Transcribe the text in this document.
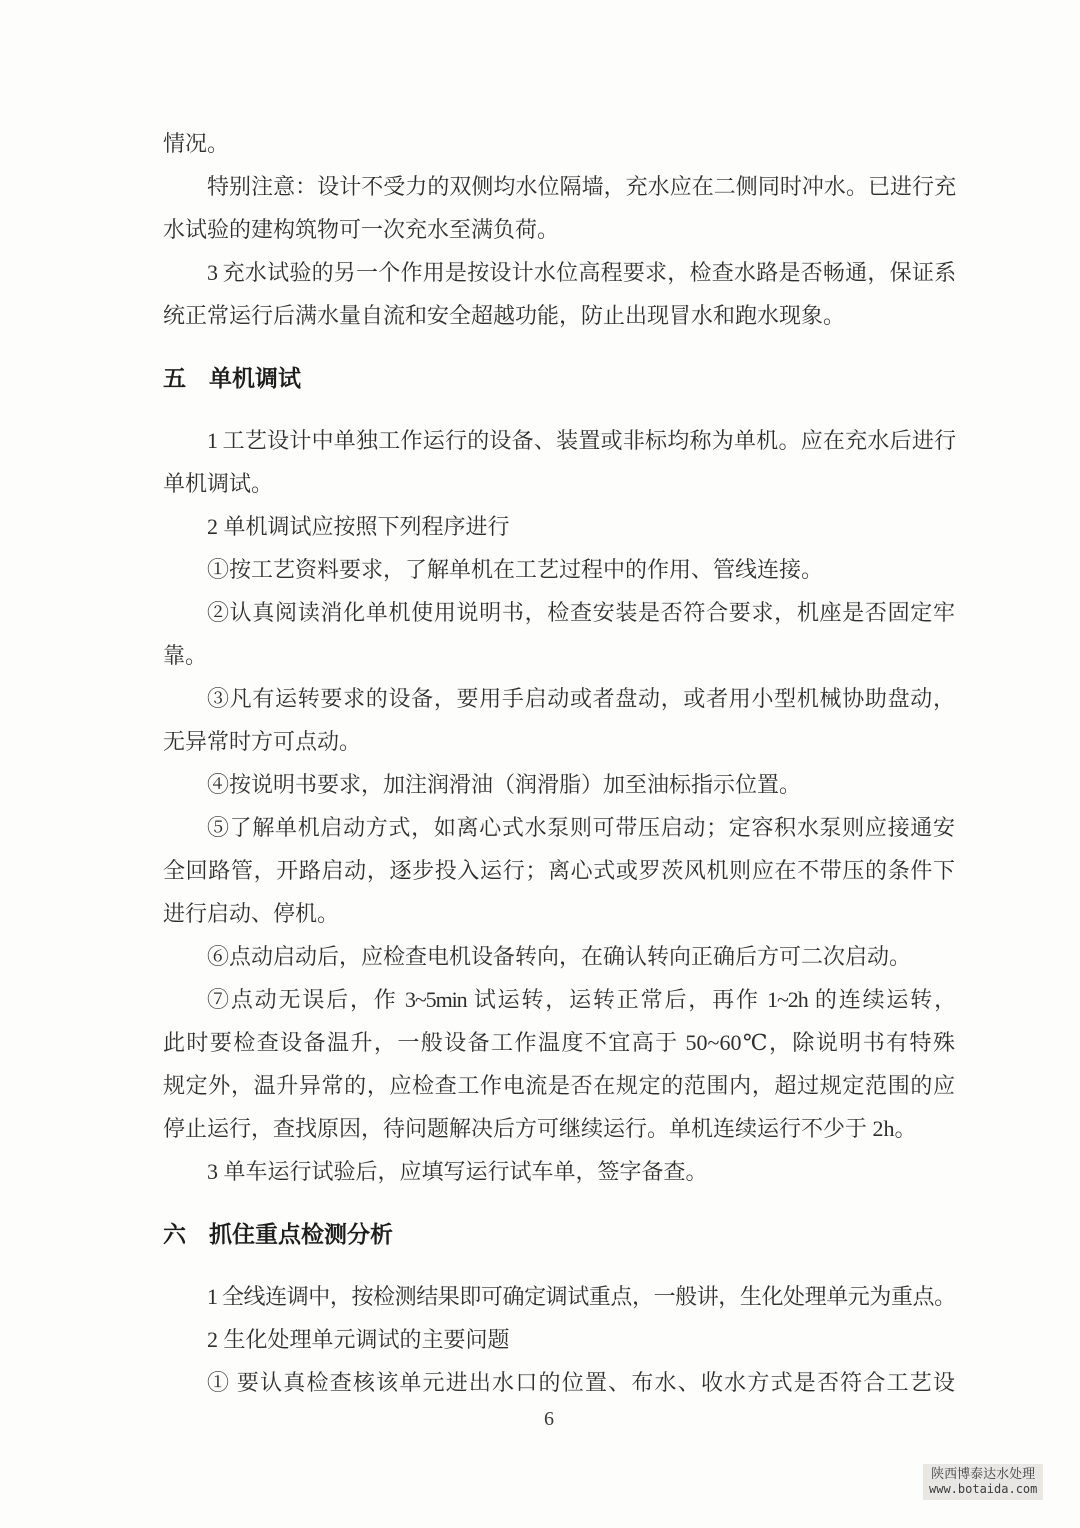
情况。
特别注意：设计不受力的双侧均水位隔墙，充水应在二侧同时冲水。已进行充
水试验的建构筑物可一次充水至满负荷。
3 充水试验的另一个作用是按设计水位高程要求，检查水路是否畅通，保证系
统正常运行后满水量自流和安全超越功能，防止出现冒水和跑水现象。
五　单机调试
1 工艺设计中单独工作运行的设备、装置或非标均称为单机。应在充水后进行
单机调试。
2 单机调试应按照下列程序进行
①按工艺资料要求，了解单机在工艺过程中的作用、管线连接。
②认真阅读消化单机使用说明书，检查安装是否符合要求，机座是否固定牢
靠。
③凡有运转要求的设备，要用手启动或者盘动，或者用小型机械协助盘动，
无异常时方可点动。
④按说明书要求，加注润滑油（润滑脂）加至油标指示位置。
⑤了解单机启动方式，如离心式水泵则可带压启动；定容积水泵则应接通安
全回路管，开路启动，逐步投入运行；离心式或罗茨风机则应在不带压的条件下
进行启动、停机。
⑥点动启动后，应检查电机设备转向，在确认转向正确后方可二次启动。
⑦点动无误后，作 3~5min 试运转，运转正常后，再作 1~2h 的连续运转，
此时要检查设备温升，一般设备工作温度不宜高于 50~60℃，除说明书有特殊
规定外，温升异常的，应检查工作电流是否在规定的范围内，超过规定范围的应
停止运行，查找原因，待问题解决后方可继续运行。单机连续运行不少于 2h。
3 单车运行试验后，应填写运行试车单，签字备查。
六　抓住重点检测分析
1 全线连调中，按检测结果即可确定调试重点，一般讲，生化处理单元为重点。
2 生化处理单元调试的主要问题
① 要认真检查核该单元进出水口的位置、布水、收水方式是否符合工艺设
6
陕西博泰达水处理
www.botaida.com
